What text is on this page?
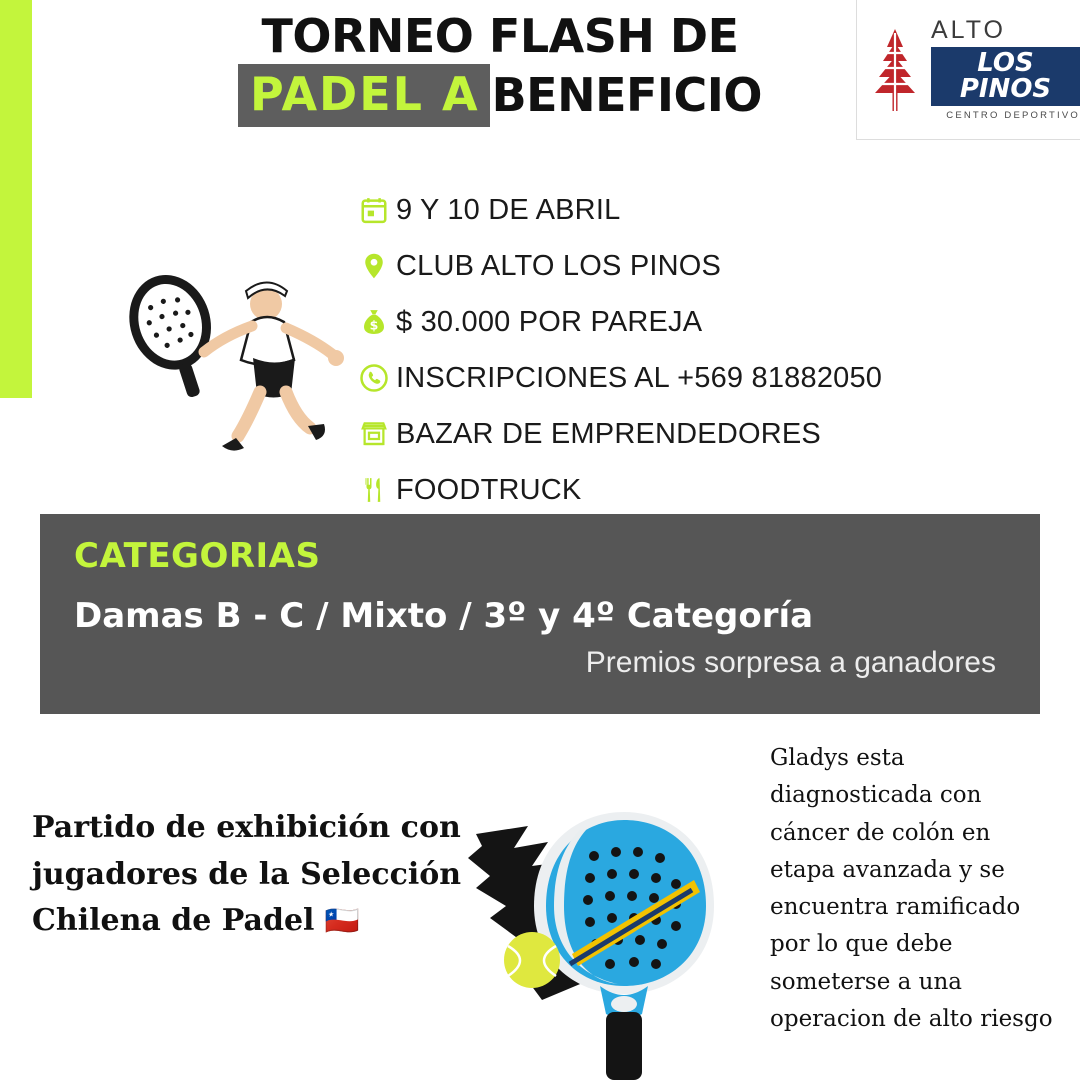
TORNEO FLASH DE
PADEL A BENEFICIO
ALTO
LOS PINOS
CENTRO DEPORTIVO
9 Y 10 DE ABRIL
CLUB ALTO LOS PINOS
$ $ 30.000 POR PAREJA
INSCRIPCIONES AL +569 81882050
BAZAR DE EMPRENDEDORES
FOODTRUCK
CATEGORIAS
Damas B - C / Mixto / 3º y 4º Categoría
Premios sorpresa a ganadores
Partido de exhibición con jugadores de la Selección Chilena de Padel 🇨🇱
Gladys esta diagnosticada con cáncer de colón en etapa avanzada y se encuentra ramificado por lo que debe someterse a una operacion de alto riesgo
